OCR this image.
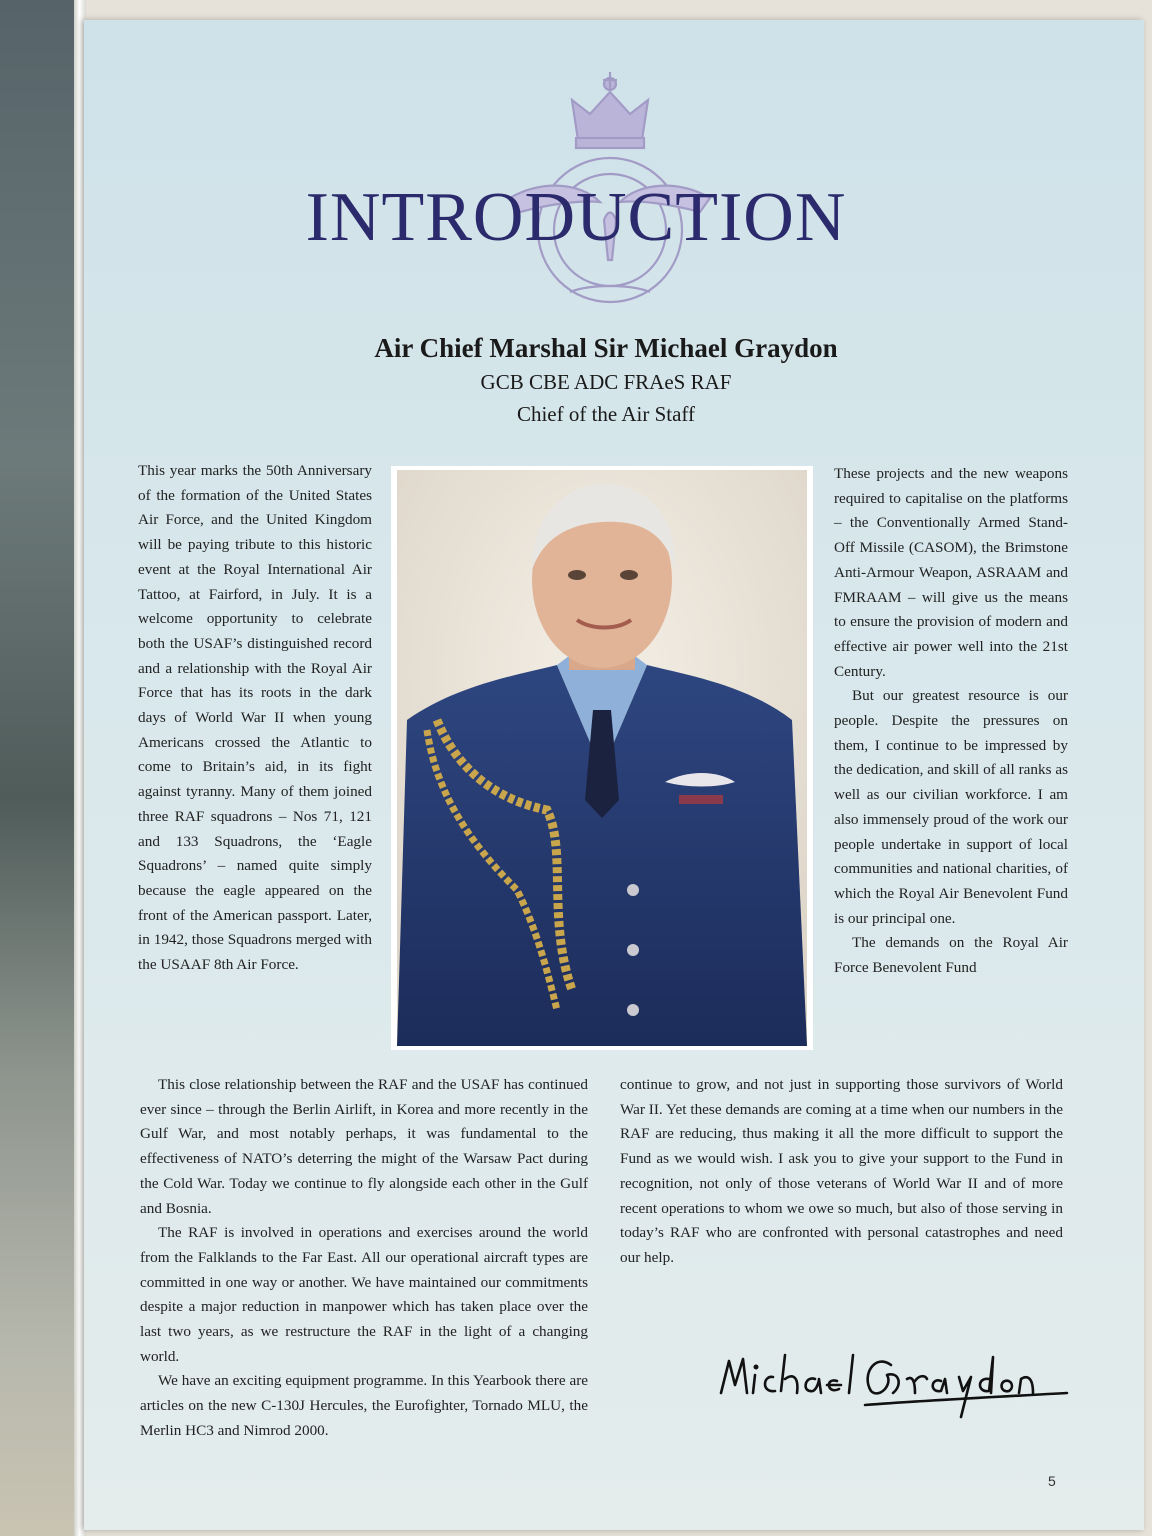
INTRODUCTION
Air Chief Marshal Sir Michael Graydon
GCB CBE ADC FRAeS RAF
Chief of the Air Staff

This year marks the 50th Anniversary of the formation of the United States Air Force, and the United Kingdom will be paying tribute to this historic event at the Royal International Air Tattoo, at Fairford, in July. It is a welcome opportunity to celebrate both the USAF’s distinguished record and a relationship with the Royal Air Force that has its roots in the dark days of World War II when young Americans crossed the Atlantic to come to Britain’s aid, in its fight against tyranny. Many of them joined three RAF squadrons – Nos 71, 121 and 133 Squadrons, the ‘Eagle Squadrons’ – named quite simply because the eagle appeared on the front of the American passport. Later, in 1942, those Squadrons merged with the USAAF 8th Air Force.

These projects and the new weapons required to capitalise on the platforms – the Conventionally Armed Stand-Off Missile (CASOM), the Brimstone Anti-Armour Weapon, ASRAAM and FMRAAM – will give us the means to ensure the provision of modern and effective air power well into the 21st Century.

But our greatest resource is our people. Despite the pressures on them, I continue to be impressed by the dedication, and skill of all ranks as well as our civilian workforce. I am also immensely proud of the work our people undertake in support of local communities and national charities, of which the Royal Air Benevolent Fund is our principal one.

The demands on the Royal Air Force Benevolent Fund

This close relationship between the RAF and the USAF has continued ever since – through the Berlin Airlift, in Korea and more recently in the Gulf War, and most notably perhaps, it was fundamental to the effectiveness of NATO’s deterring the might of the Warsaw Pact during the Cold War. Today we continue to fly alongside each other in the Gulf and Bosnia.

The RAF is involved in operations and exercises around the world from the Falklands to the Far East. All our operational aircraft types are committed in one way or another. We have maintained our commitments despite a major reduction in manpower which has taken place over the last two years, as we restructure the RAF in the light of a changing world.

We have an exciting equipment programme. In this Yearbook there are articles on the new C-130J Hercules, the Eurofighter, Tornado MLU, the Merlin HC3 and Nimrod 2000.

continue to grow, and not just in supporting those survivors of World War II. Yet these demands are coming at a time when our numbers in the RAF are reducing, thus making it all the more difficult to support the Fund as we would wish. I ask you to give your support to the Fund in recognition, not only of those veterans of World War II and of more recent operations to whom we owe so much, but also of those serving in today’s RAF who are confronted with personal catastrophes and need our help.

5
